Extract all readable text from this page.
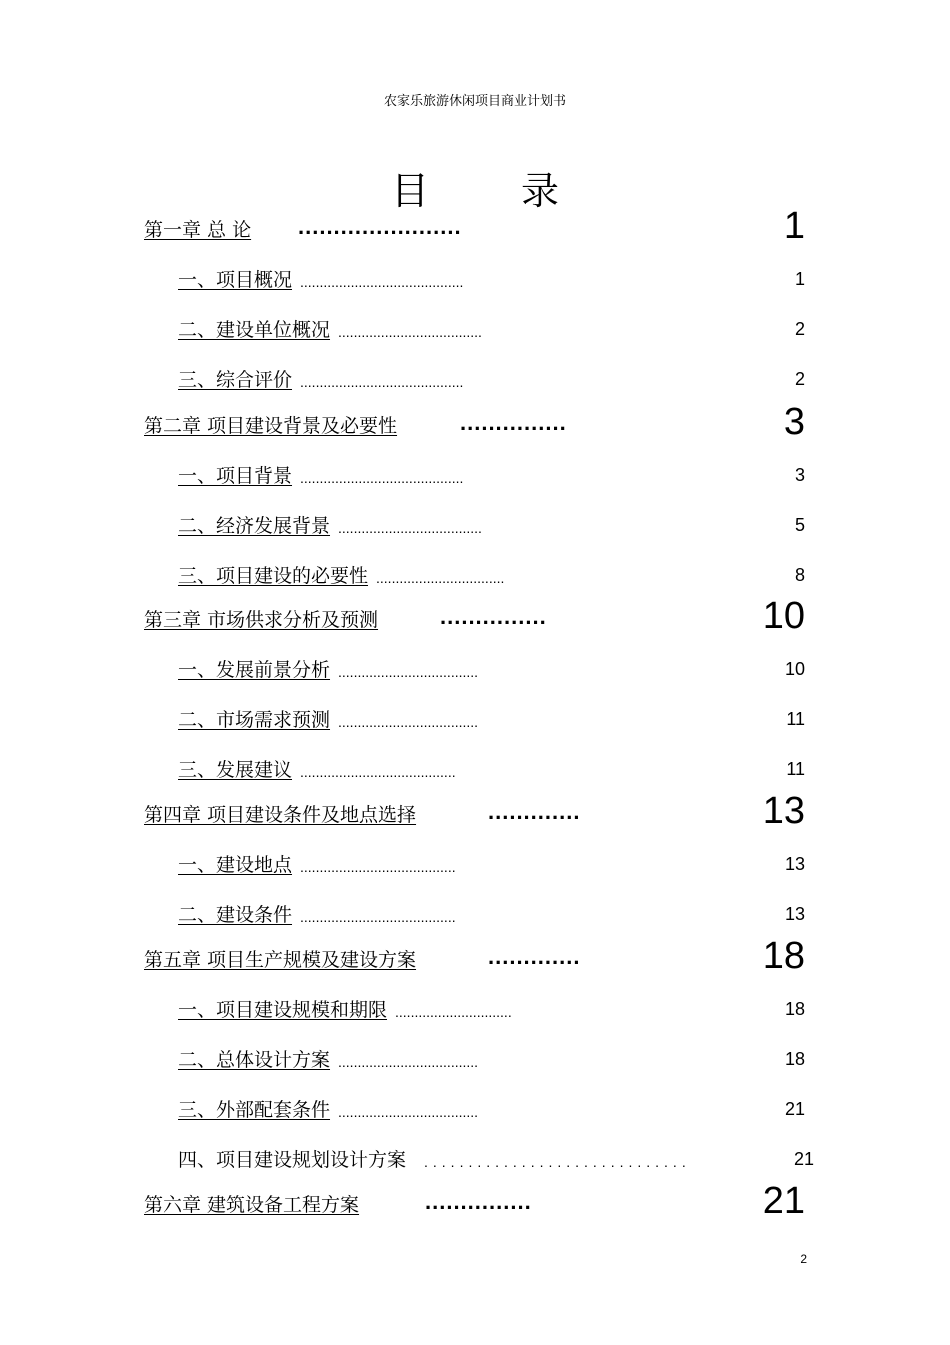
农家乐旅游休闲项目商业计划书
目 录
第一章 总 论 .......................	1
一、项目概况 ..........................................	1
二、建设单位概况 .....................................	2
三、综合评价 ..........................................	2
第二章 项目建设背景及必要性	...............	3
一、项目背景 ..........................................	3
二、经济发展背景 .....................................	5
三、项目建设的必要性 .................................	8
第三章 市场供求分析及预测	...............	10
一、发展前景分析 ....................................	10
二、市场需求预测 ....................................	11
三、发展建议 ........................................	11
第四章 项目建设条件及地点选择	.............	13
一、建设地点 ........................................	13
二、建设条件 ........................................	13
第五章 项目生产规模及建设方案	.............	18
一、项目建设规模和期限 ..............................	18
二、总体设计方案 ....................................	18
三、外部配套条件 ....................................	21
四、项目建设规划设计方案 ..............................	21
第六章 建筑设备工程方案	...............	21
2
